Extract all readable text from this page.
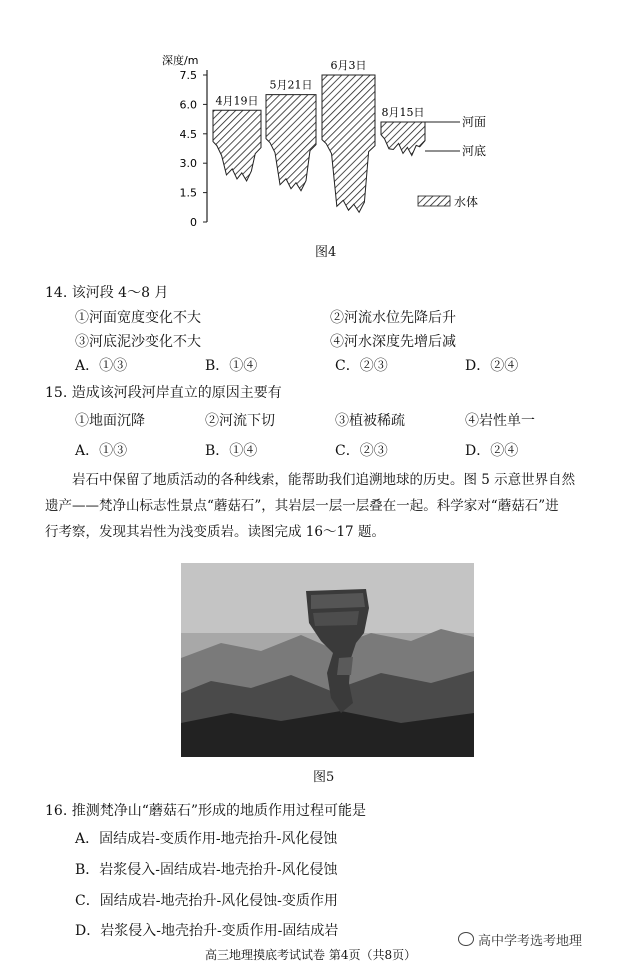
深度/m
0
1.5
3.0
4.5
6.0
7.5
4月19日
5月21日
6月3日
8月15日
河面
河底
水体
图4
14. 该河段 4～8 月
①河面宽度变化不大	②河流水位先降后升
③河底泥沙变化不大	④河水深度先增后减
A．①③	B．①④	C．②③	D．②④
15. 造成该河段河岸直立的原因主要有
①地面沉降	②河流下切	③植被稀疏	④岩性单一
A．①③	B．①④	C．②③	D．②④
岩石中保留了地质活动的各种线索，能帮助我们追溯地球的历史。图 5 示意世界自然
遗产——梵净山标志性景点“蘑菇石”，其岩层一层一层叠在一起。科学家对“蘑菇石”进
行考察，发现其岩性为浅变质岩。读图完成 16～17 题。
图5
16. 推测梵净山“蘑菇石”形成的地质作用过程可能是
A．固结成岩-变质作用-地壳抬升-风化侵蚀
B．岩浆侵入-固结成岩-地壳抬升-风化侵蚀
C．固结成岩-地壳抬升-风化侵蚀-变质作用
D．岩浆侵入-地壳抬升-变质作用-固结成岩
高三地理摸底考试试卷 第4页（共8页）
高中学考选考地理
